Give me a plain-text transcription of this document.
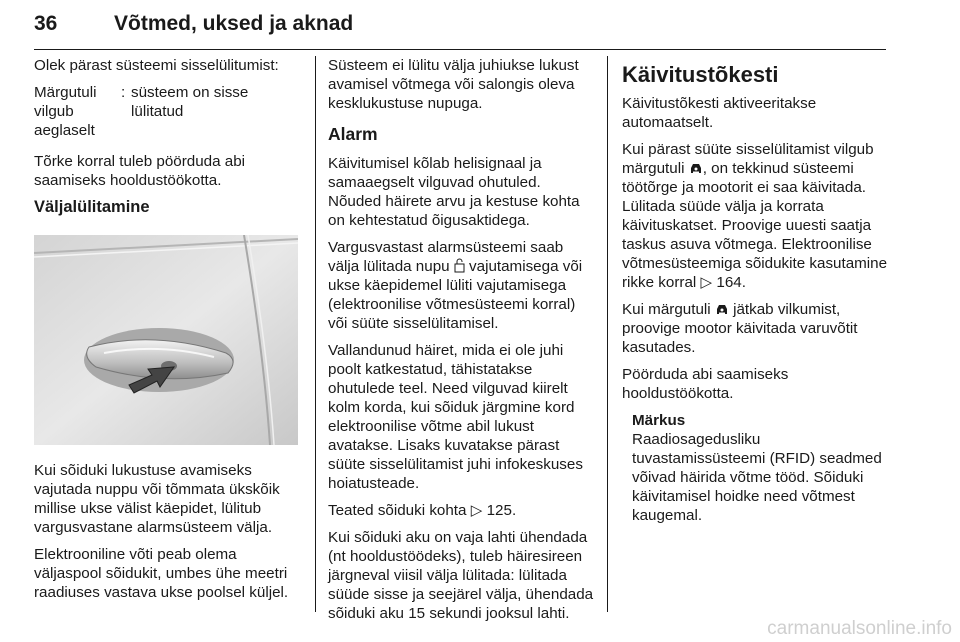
36	Võtmed, uksed ja aknad

Olek pärast süsteemi sisselülitumist:

Märgutuli vilgub aeglaselt
: süsteem on sisse lülitatud

Tõrke korral tuleb pöörduda abi saamiseks hooldustöökotta.

Väljalülitamine

Kui sõiduki lukustuse avamiseks vajutada nuppu või tõmmata ükskõik millise ukse välist käepidet, lülitub vargusvastane alarmsüsteem välja.

Elektrooniline võti peab olema väljaspool sõidukit, umbes ühe meetri raadiuses vastava ukse poolsel küljel.

Süsteem ei lülitu välja juhiukse lukust avamisel võtmega või salongis oleva kesklukustuse nupuga.

Alarm

Käivitumisel kõlab helisignaal ja samaaegselt vilguvad ohutuled. Nõuded häirete arvu ja kestuse kohta on kehtestatud õigusaktidega.

Vargusvastast alarmsüsteemi saab välja lülitada nupu  vajutamisega või ukse käepidemel lüliti vajutamisega (elektroonilise võtmesüsteemi korral) või süüte sisselülitamisel.

Vallandunud häiret, mida ei ole juhi poolt katkestatud, tähistatakse ohutulede teel. Need vilguvad kiirelt kolm korda, kui sõiduk järgmine kord elektroonilise võtme abil lukust avatakse. Lisaks kuvatakse pärast süüte sisselülitamist juhi infokeskuses hoiatusteade.

Teated sõiduki kohta ▷ 125.

Kui sõiduki aku on vaja lahti ühendada (nt hooldustöödeks), tuleb häiresireen järgneval viisil välja lülitada: lülitada süüde sisse ja seejärel välja, ühendada sõiduki aku 15 sekundi jooksul lahti.

Käivitustõkesti

Käivitustõkesti aktiveeritakse automaatselt.

Kui pärast süüte sisselülitamist vilgub märgutuli , on tekkinud süsteemi töötõrge ja mootorit ei saa käivitada. Lülitada süüde välja ja korrata käivituskatset. Proovige uuesti saatja taskus asuva võtmega. Elektroonilise võtmesüsteemiga sõidukite kasutamine rikke korral ▷ 164.

Kui märgutuli  jätkab vilkumist, proovige mootor käivitada varuvõtit kasutades.

Pöörduda abi saamiseks hooldustöökotta.

Märkus
Raadiosagedusliku tuvastamissüsteemi (RFID) seadmed võivad häirida võtme tööd. Sõiduki käivitamisel hoidke need võtmest kaugemal.
carmanualsonline.info
